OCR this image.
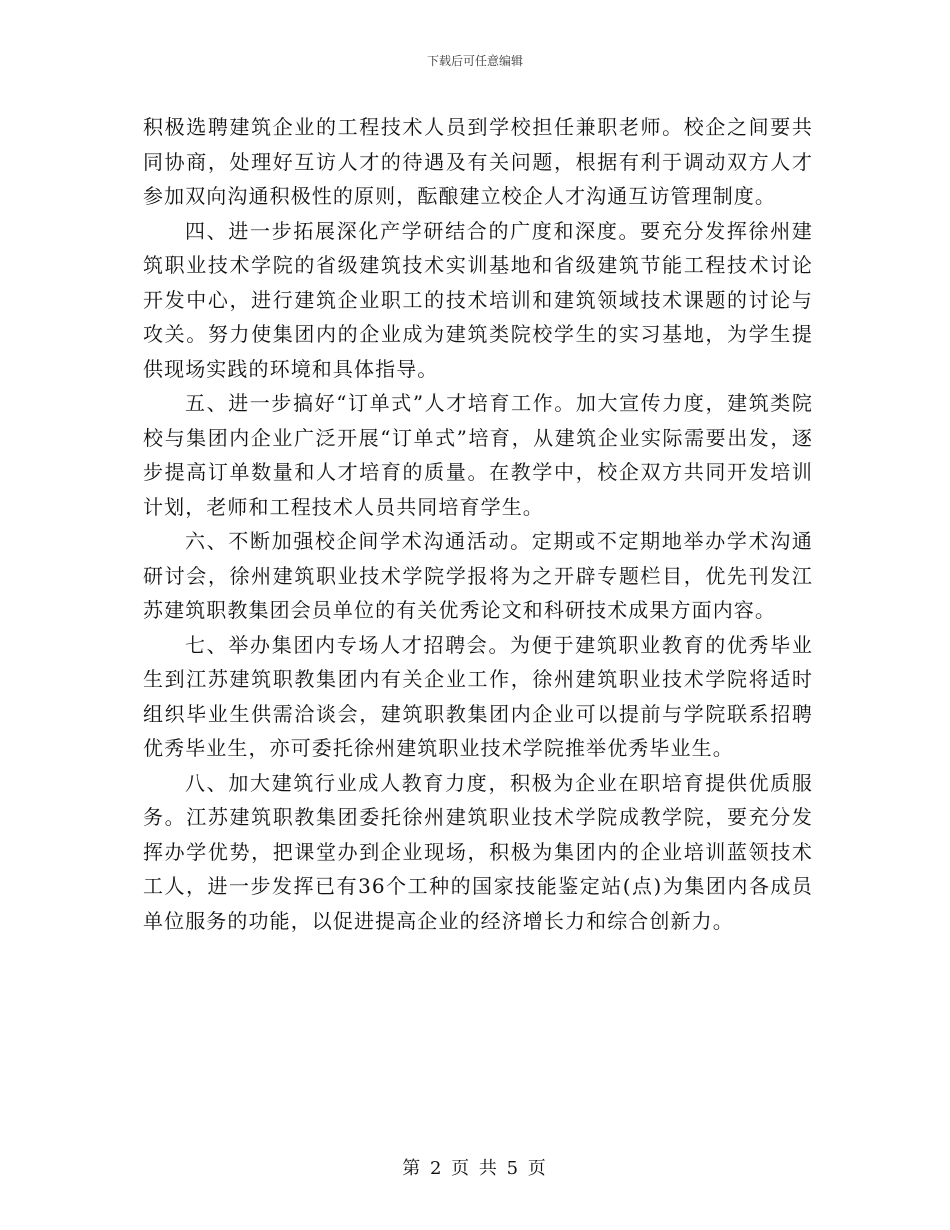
下载后可任意编辑

积极选聘建筑企业的工程技术人员到学校担任兼职老师。校企之间要共同协商，处理好互访人才的待遇及有关问题，根据有利于调动双方人才参加双向沟通积极性的原则，酝酿建立校企人才沟通互访管理制度。

四、进一步拓展深化产学研结合的广度和深度。要充分发挥徐州建筑职业技术学院的省级建筑技术实训基地和省级建筑节能工程技术讨论开发中心，进行建筑企业职工的技术培训和建筑领域技术课题的讨论与攻关。努力使集团内的企业成为建筑类院校学生的实习基地，为学生提供现场实践的环境和具体指导。

五、进一步搞好“订单式”人才培育工作。加大宣传力度，建筑类院校与集团内企业广泛开展“订单式”培育，从建筑企业实际需要出发，逐步提高订单数量和人才培育的质量。在教学中，校企双方共同开发培训计划，老师和工程技术人员共同培育学生。

六、不断加强校企间学术沟通活动。定期或不定期地举办学术沟通研讨会，徐州建筑职业技术学院学报将为之开辟专题栏目，优先刊发江苏建筑职教集团会员单位的有关优秀论文和科研技术成果方面内容。

七、举办集团内专场人才招聘会。为便于建筑职业教育的优秀毕业生到江苏建筑职教集团内有关企业工作，徐州建筑职业技术学院将适时组织毕业生供需洽谈会，建筑职教集团内企业可以提前与学院联系招聘优秀毕业生，亦可委托徐州建筑职业技术学院推举优秀毕业生。

八、加大建筑行业成人教育力度，积极为企业在职培育提供优质服务。江苏建筑职教集团委托徐州建筑职业技术学院成教学院，要充分发挥办学优势，把课堂办到企业现场，积极为集团内的企业培训蓝领技术工人，进一步发挥已有36个工种的国家技能鉴定站(点)为集团内各成员单位服务的功能，以促进提高企业的经济增长力和综合创新力。

第 2 页 共 5 页
